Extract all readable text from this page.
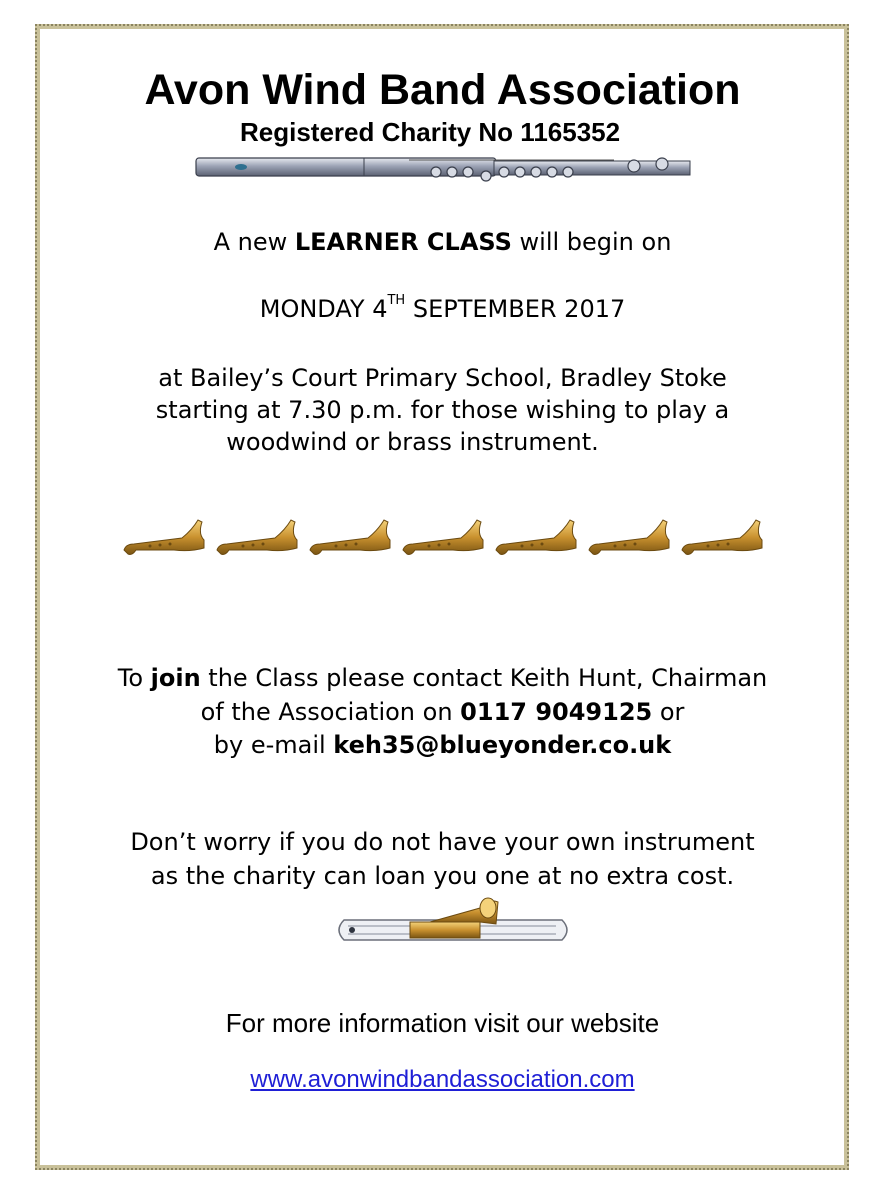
Avon Wind Band Association
Registered Charity No 1165352
A new LEARNER CLASS will begin on
MONDAY 4TH SEPTEMBER 2017
at Bailey’s Court Primary School, Bradley Stoke
starting at 7.30 p.m. for those wishing to play a
woodwind or brass instrument.
To join the Class please contact Keith Hunt, Chairman
of the Association on 0117 9049125 or
by e-mail keh35@blueyonder.co.uk
Don’t worry if you do not have your own instrument
as the charity can loan you one at no extra cost.
For more information visit our website
www.avonwindbandassociation.com
